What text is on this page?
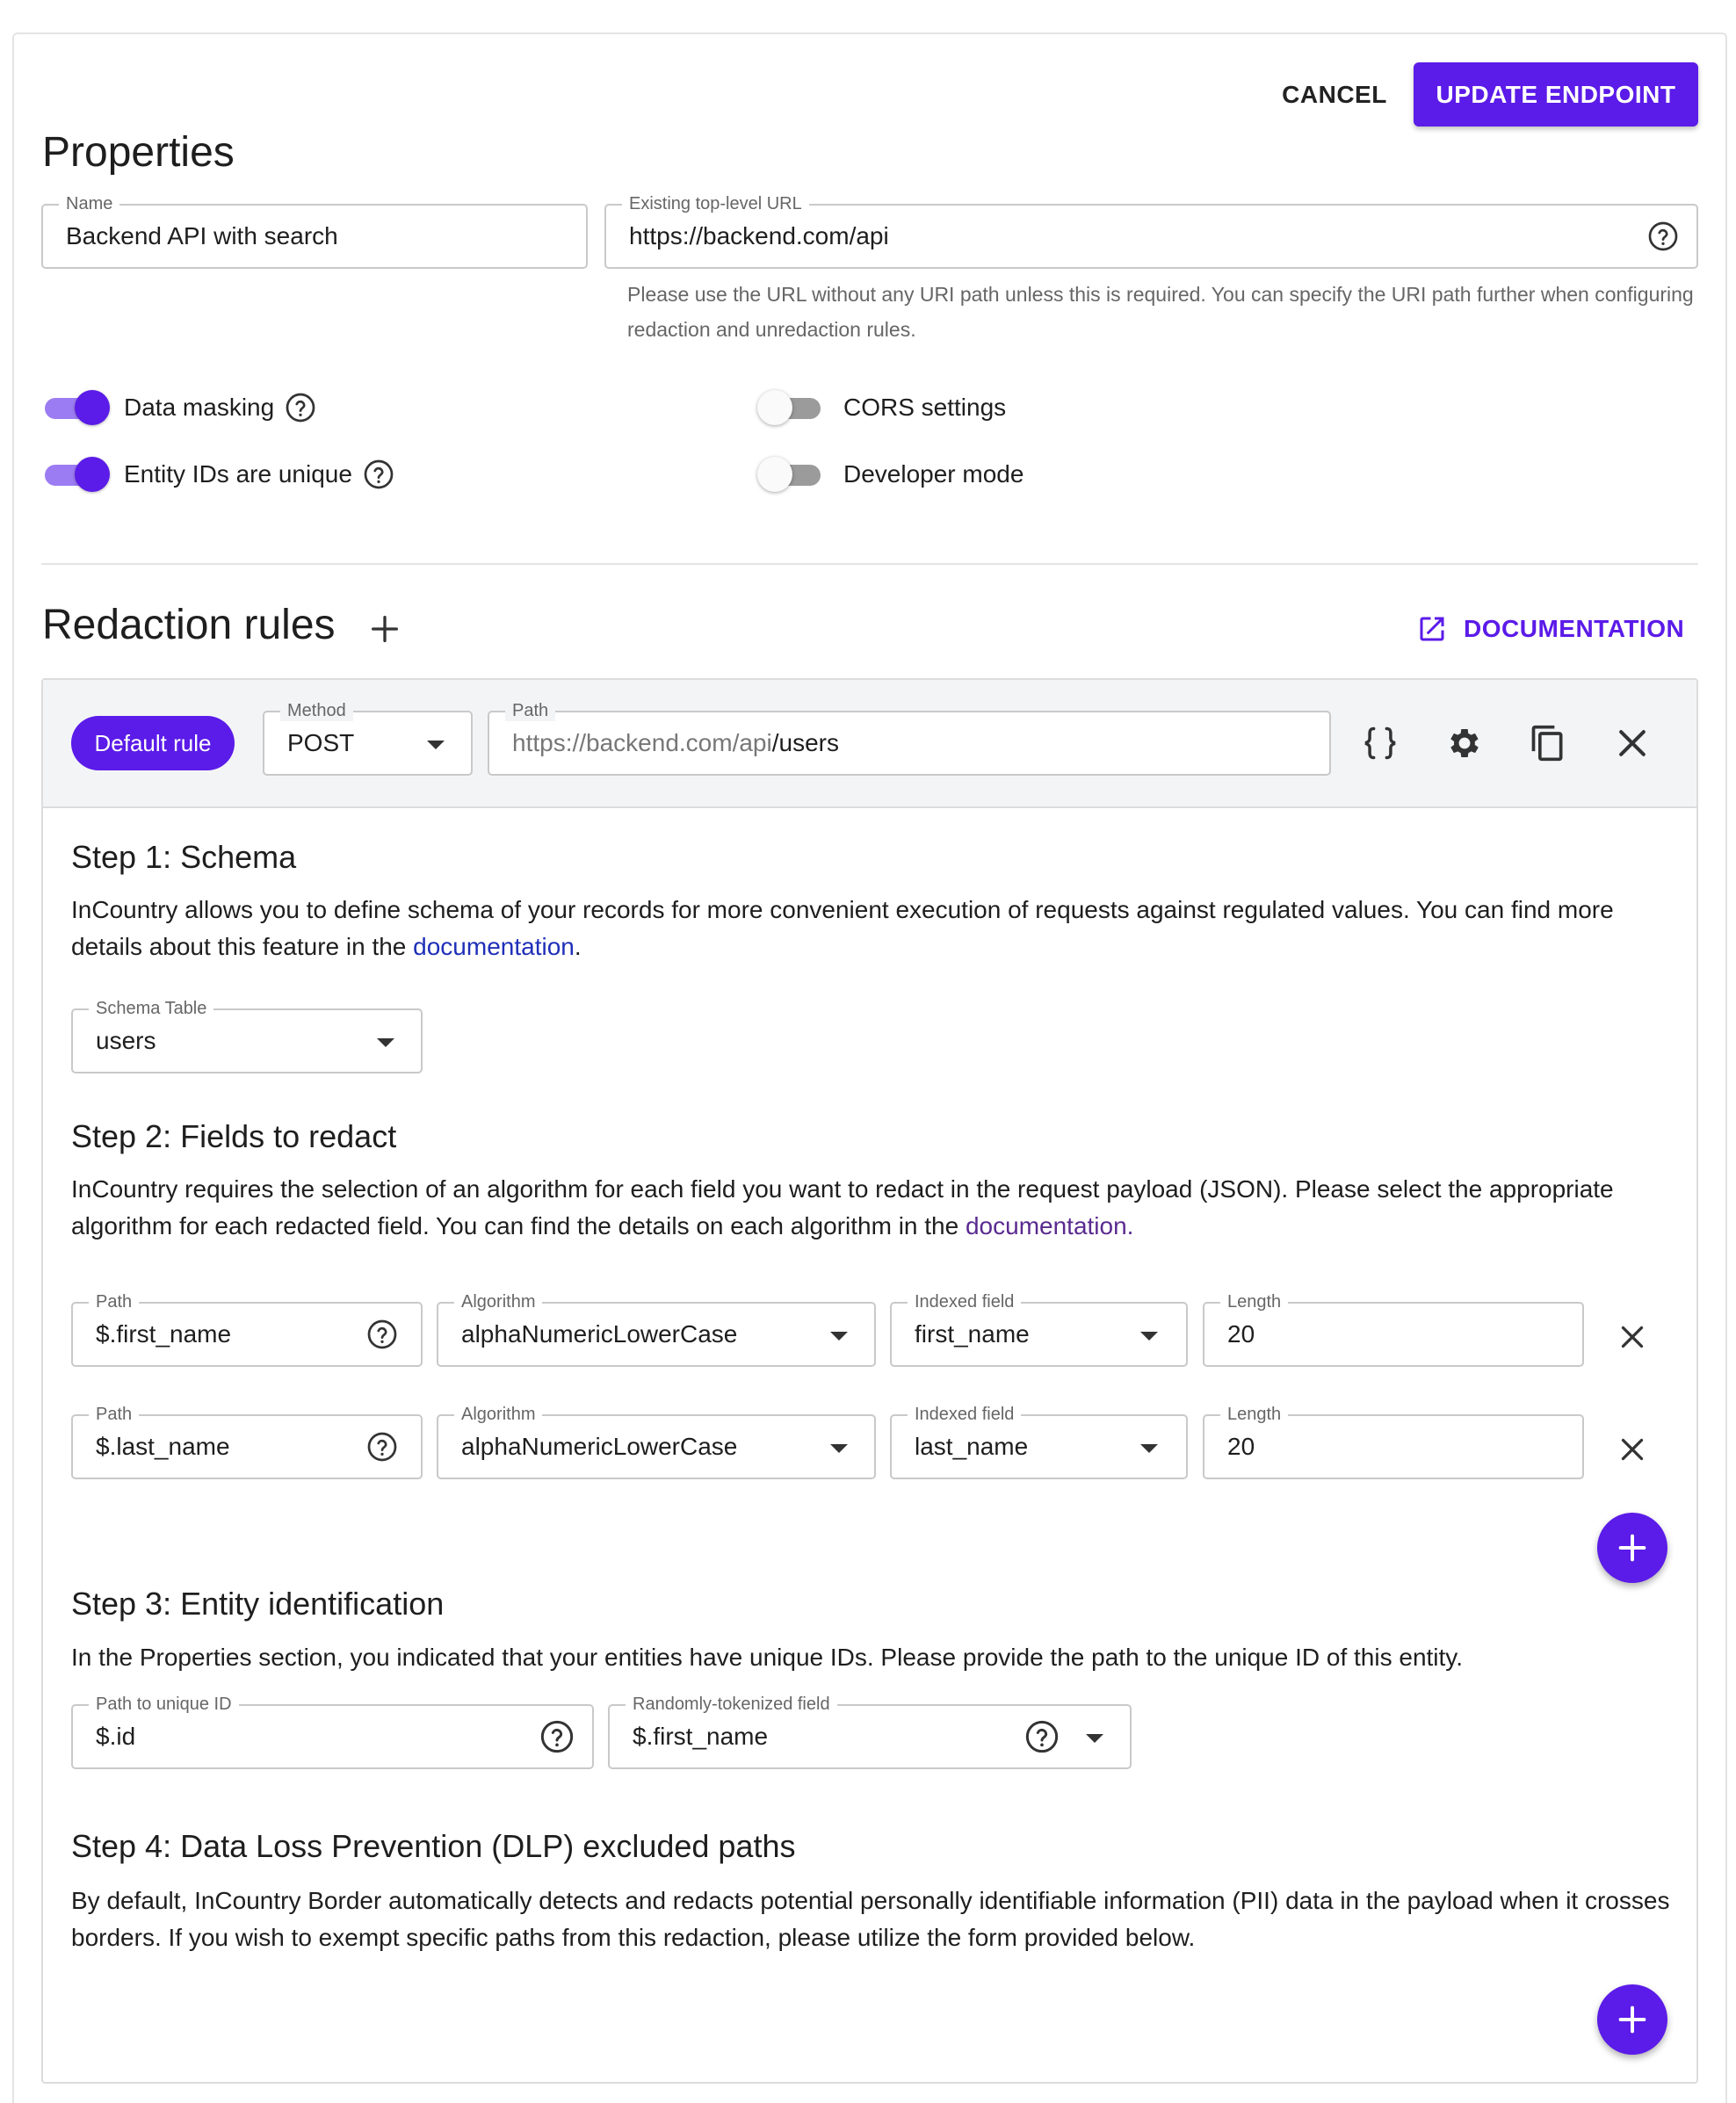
CANCEL	UPDATE ENDPOINT
Properties
Name
Backend API with search
Existing top-level URL
https://backend.com/api
Please use the URL without any URI path unless this is required. You can specify the URI path further when configuring redaction and unredaction rules.
Data masking
Entity IDs are unique
CORS settings
Developer mode
Redaction rules	DOCUMENTATION
Default rule
Method
POST
Path
https://backend.com/api/users
Step 1: Schema
InCountry allows you to define schema of your records for more convenient execution of requests against regulated values. You can find more details about this feature in the documentation.
Schema Table
users
Step 2: Fields to redact
InCountry requires the selection of an algorithm for each field you want to redact in the request payload (JSON). Please select the appropriate algorithm for each redacted field. You can find the details on each algorithm in the documentation.
Path
$.first_name
Algorithm
alphaNumericLowerCase
Indexed field
first_name
Length
20
Path
$.last_name
Algorithm
alphaNumericLowerCase
Indexed field
last_name
Length
20
Step 3: Entity identification
In the Properties section, you indicated that your entities have unique IDs. Please provide the path to the unique ID of this entity.
Path to unique ID
$.id
Randomly-tokenized field
$.first_name
Step 4: Data Loss Prevention (DLP) excluded paths
By default, InCountry Border automatically detects and redacts potential personally identifiable information (PII) data in the payload when it crosses borders. If you wish to exempt specific paths from this redaction, please utilize the form provided below.
